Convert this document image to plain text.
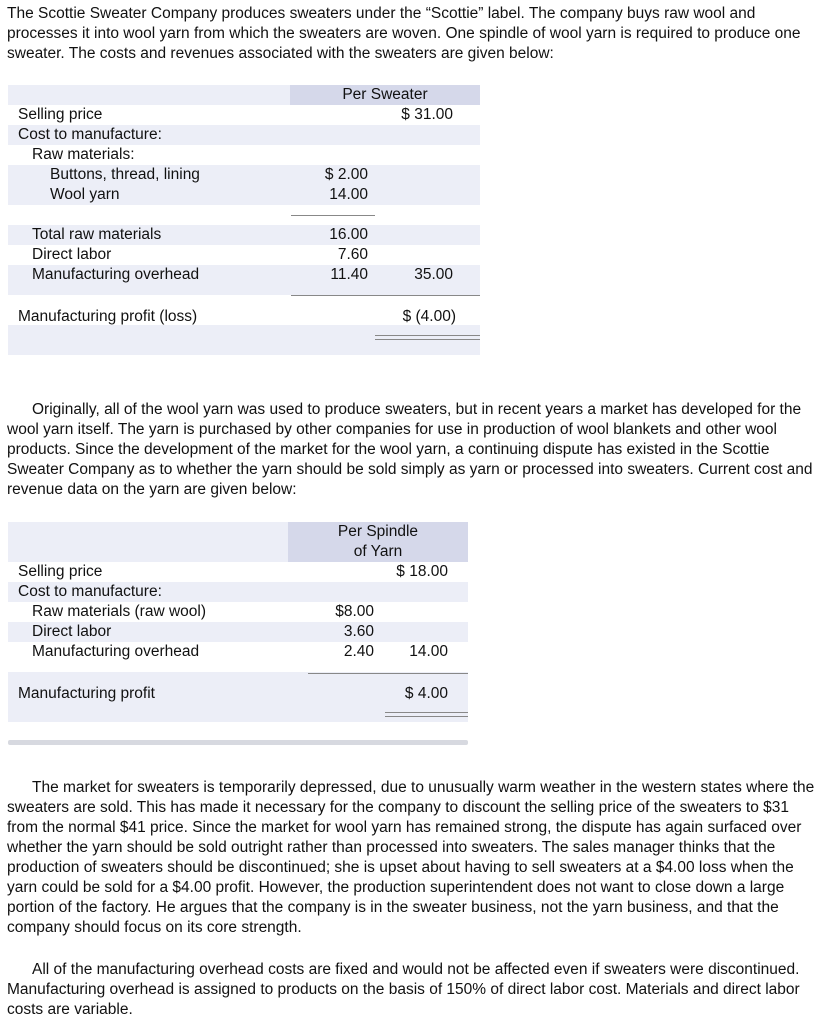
The Scottie Sweater Company produces sweaters under the “Scottie” label. The company buys raw wool and processes it into wool yarn from which the sweaters are woven. One spindle of wool yarn is required to produce one sweater. The costs and revenues associated with the sweaters are given below:

Per Sweater
Selling price	$ 31.00
Cost to manufacture:
Raw materials:
Buttons, thread, lining	$ 2.00
Wool yarn	14.00
Total raw materials	16.00
Direct labor	7.60
Manufacturing overhead	11.40	35.00
Manufacturing profit (loss)	$ (4.00)

Originally, all of the wool yarn was used to produce sweaters, but in recent years a market has developed for the wool yarn itself. The yarn is purchased by other companies for use in production of wool blankets and other wool products. Since the development of the market for the wool yarn, a continuing dispute has existed in the Scottie Sweater Company as to whether the yarn should be sold simply as yarn or processed into sweaters. Current cost and revenue data on the yarn are given below:

Per Spindle
of Yarn
Selling price	$ 18.00
Cost to manufacture:
Raw materials (raw wool)	$8.00
Direct labor	3.60
Manufacturing overhead	2.40	14.00
Manufacturing profit	$ 4.00

The market for sweaters is temporarily depressed, due to unusually warm weather in the western states where the sweaters are sold. This has made it necessary for the company to discount the selling price of the sweaters to $31 from the normal $41 price. Since the market for wool yarn has remained strong, the dispute has again surfaced over whether the yarn should be sold outright rather than processed into sweaters. The sales manager thinks that the production of sweaters should be discontinued; she is upset about having to sell sweaters at a $4.00 loss when the yarn could be sold for a $4.00 profit. However, the production superintendent does not want to close down a large portion of the factory. He argues that the company is in the sweater business, not the yarn business, and that the company should focus on its core strength.

All of the manufacturing overhead costs are fixed and would not be affected even if sweaters were discontinued. Manufacturing overhead is assigned to products on the basis of 150% of direct labor cost. Materials and direct labor costs are variable.
